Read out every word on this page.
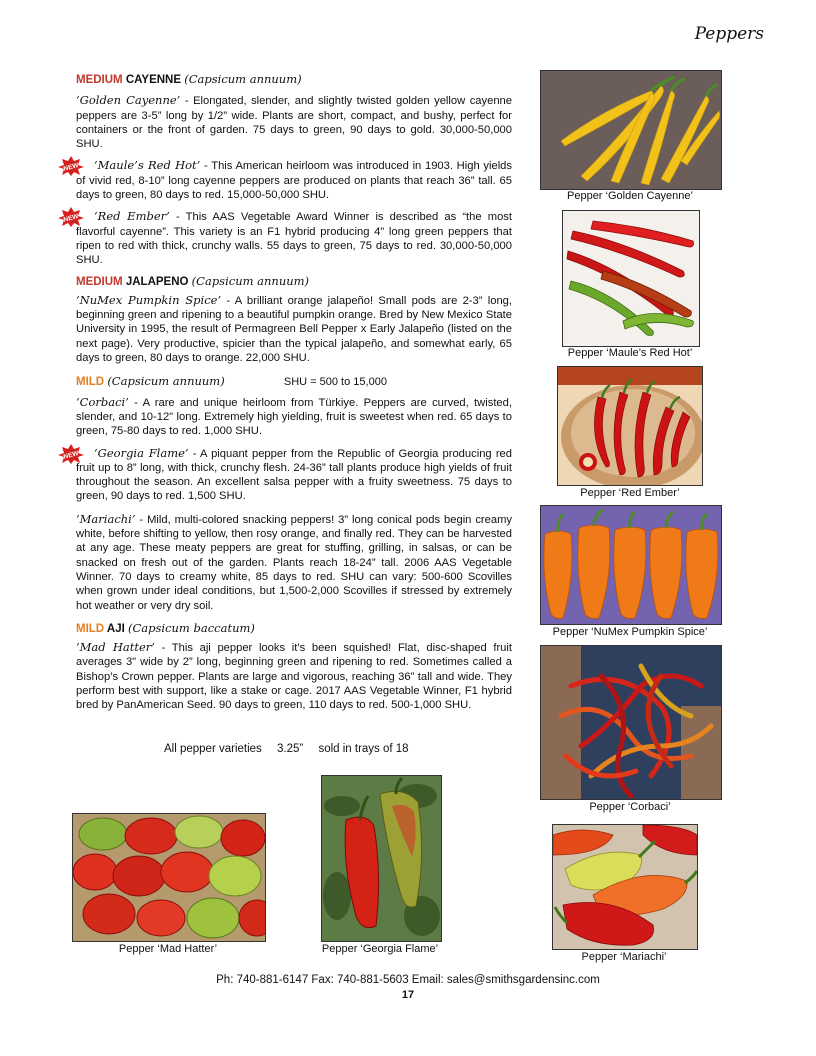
Peppers
MEDIUM CAYENNE (Capsicum annuum)

‘Golden Cayenne’ - Elongated, slender, and slightly twisted golden yellow cayenne peppers are 3-5” long by 1/2” wide. Plants are short, compact, and bushy, perfect for containers or the front of garden. 75 days to green, 90 days to gold. 30,000-50,000 SHU.

NEW	‘Maule’s Red Hot’ - This American heirloom was introduced in 1903. High yields of vivid red, 8-10” long cayenne peppers are produced on plants that reach 36” tall. 65 days to green, 80 days to red. 15,000-50,000 SHU.

NEW	‘Red Ember’ - This AAS Vegetable Award Winner is described as “the most flavorful cayenne”. This variety is an F1 hybrid producing 4” long green peppers that ripen to red with thick, crunchy walls. 55 days to green, 75 days to red. 30,000-50,000 SHU.

MEDIUM JALAPENO (Capsicum annuum)

‘NuMex Pumpkin Spice’ - A brilliant orange jalapeño! Small pods are 2-3” long, beginning green and ripening to a beautiful pumpkin orange. Bred by New Mexico State University in 1995, the result of Permagreen Bell Pepper x Early Jalapeño (listed on the next page). Very productive, spicier than the typical jalapeño, and somewhat early, 65 days to green, 80 days to orange. 22,000 SHU.

MILD (Capsicum annuum)	SHU = 500 to 15,000

‘Corbaci’ - A rare and unique heirloom from Türkiye. Peppers are curved, twisted, slender, and 10-12" long. Extremely high yielding, fruit is sweetest when red. 65 days to green, 75-80 days to red. 1,000 SHU.

NEW	‘Georgia Flame’ - A piquant pepper from the Republic of Georgia producing red fruit up to 8” long, with thick, crunchy flesh. 24-36” tall plants produce high yields of fruit throughout the season. An excellent salsa pepper with a fruity sweetness. 75 days to green, 90 days to red. 1,500 SHU.

‘Mariachi’ - Mild, multi-colored snacking peppers! 3” long conical pods begin creamy white, before shifting to yellow, then rosy orange, and finally red. They can be harvested at any age. These meaty peppers are great for stuffing, grilling, in salsas, or can be snacked on fresh out of the garden. Plants reach 18-24” tall. 2006 AAS Vegetable Winner. 70 days to creamy white, 85 days to red. SHU can vary: 500-600 Scovilles when grown under ideal conditions, but 1,500-2,000 Scovilles if stressed by extremely hot weather or very dry soil.

MILD AJI (Capsicum baccatum)

‘Mad Hatter’ - This aji pepper looks it’s been squished! Flat, disc-shaped fruit averages 3" wide by 2” long, beginning green and ripening to red. Sometimes called a Bishop’s Crown pepper. Plants are large and vigorous, reaching 36” tall and wide. They perform best with support, like a stake or cage. 2017 AAS Vegetable Winner, F1 hybrid bred by PanAmerican Seed. 90 days to green, 110 days to red. 500-1,000 SHU.

All pepper varieties 3.25” sold in trays of 18
Pepper ‘Golden Cayenne’
Pepper ‘Maule’s Red Hot’
Pepper ‘Red Ember’
Pepper ‘NuMex Pumpkin Spice’
Pepper ‘Corbaci’
Pepper ‘Mariachi’
Pepper ‘Mad Hatter’	Pepper ‘Georgia Flame’
Ph: 740-881-6147 Fax: 740-881-5603 Email: sales@smithsgardensinc.com
17
